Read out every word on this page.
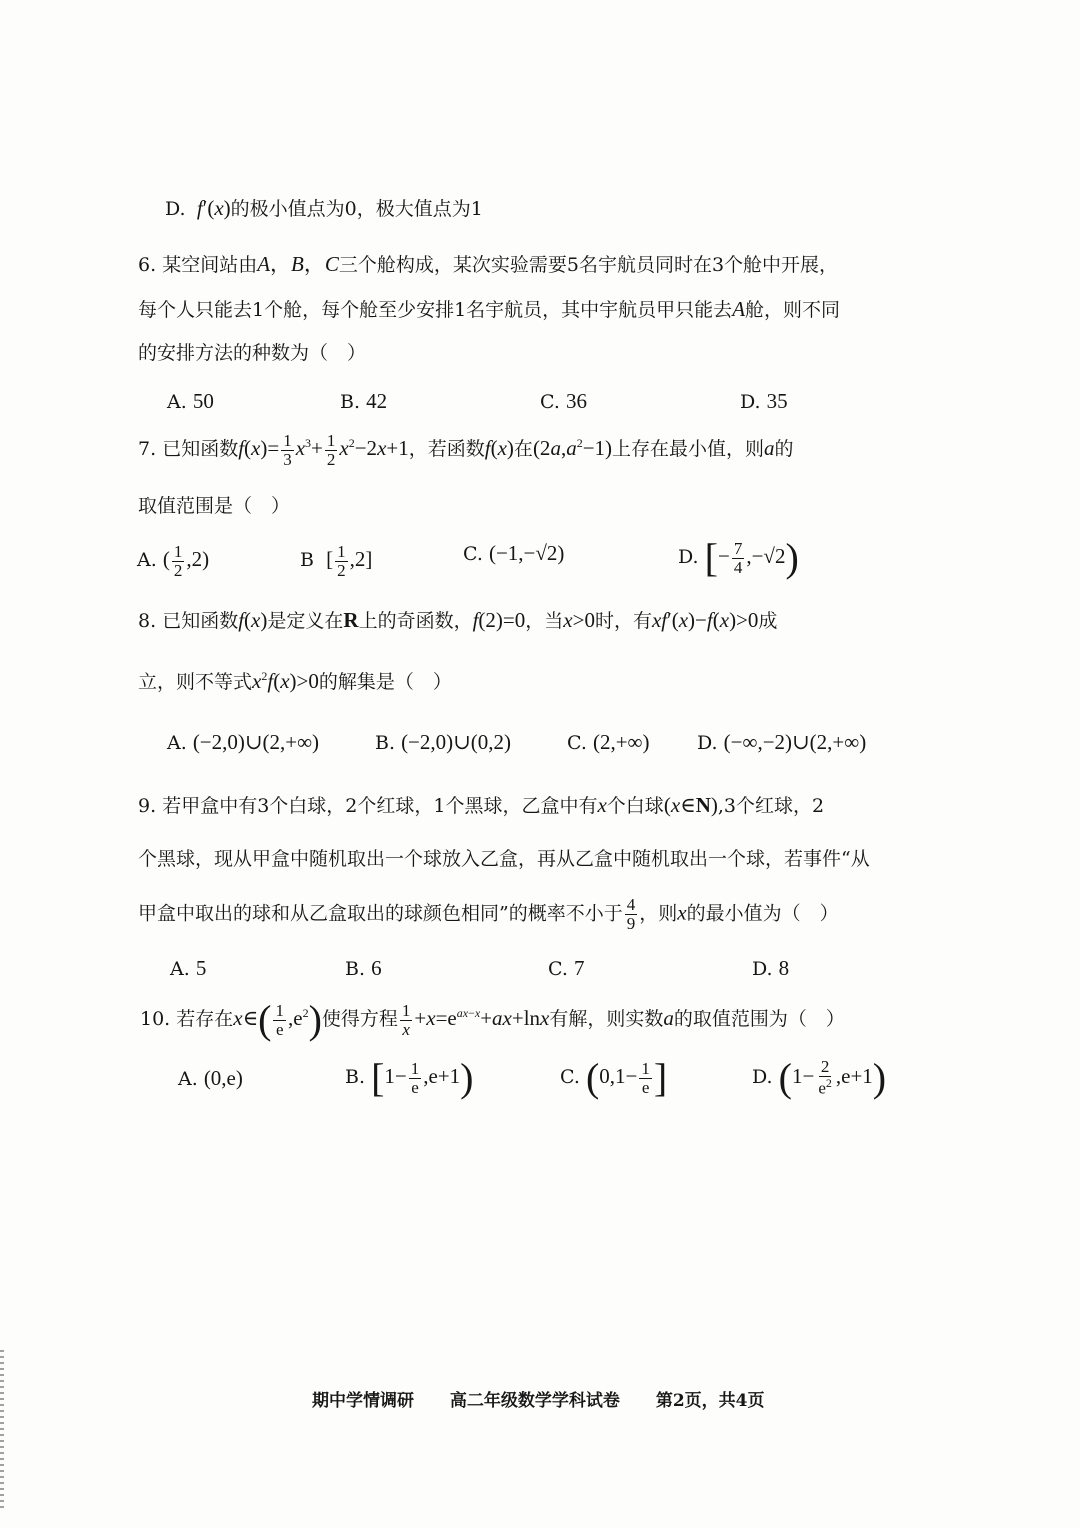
D. f′(x)的极小值点为0，极大值点为1
6. 某空间站由A，B，C三个舱构成，某次实验需要5名宇航员同时在3个舱中开展，
每个人只能去1个舱，每个舱至少安排1名宇航员，其中宇航员甲只能去A舱，则不同
的安排方法的种数为（　）
A. 50	B. 42	C. 36	D. 35
7. 已知函数$f(x)= \frac{1}{3} x^3+ \frac{1}{2} x^2-2x+1$，若函数f(x)在$(2a,a^2-1)$上存在最小值，则a的
取值范围是（　）
A. ( $\frac{1}{2} ,2$)	B [ $\frac{1}{2} ,2$]	C. (−1,−√2)	D. [− $\frac{7}{4} ,-√2$)
8. 已知函数f(x)是定义在R上的奇函数，f(2)=0，当x>0时，有xf′(x)−f(x)>0成
立，则不等式$x^2f(x)>0$的解集是（　）
A. (−2,0)∪(2,+∞)	B. (−2,0)∪(0,2)	C. (2,+∞) D. (−∞,−2)∪(2,+∞)
9. 若甲盒中有3个白球，2个红球，1个黑球，乙盒中有x个白球(x∈N),3个红球，2
个黑球，现从甲盒中随机取出一个球放入乙盒，再从乙盒中随机取出一个球，若事件“从
甲盒中取出的球和从乙盒取出的球颜色相同”的概率不小于 $\frac{4}{9}$ ，则x的最小值为（　）
A. 5	B. 6	C. 7	D. 8
10. 若存在x∈( $\frac{1}{e} ,e^2$)使得方程 $\frac{1}{x} +x=e^{ax-x}+ax+\ln x$有解，则实数a的取值范围为（　）
A. (0,e)	B. $[1- \frac{1}{e} ,e+1)$	C. ($0,1- \frac{1}{e}$ ]	D. $(1- \frac{2}{e^2} ,e+1)$
期中学情调研 高二年级数学学科试卷 第2页，共4页
